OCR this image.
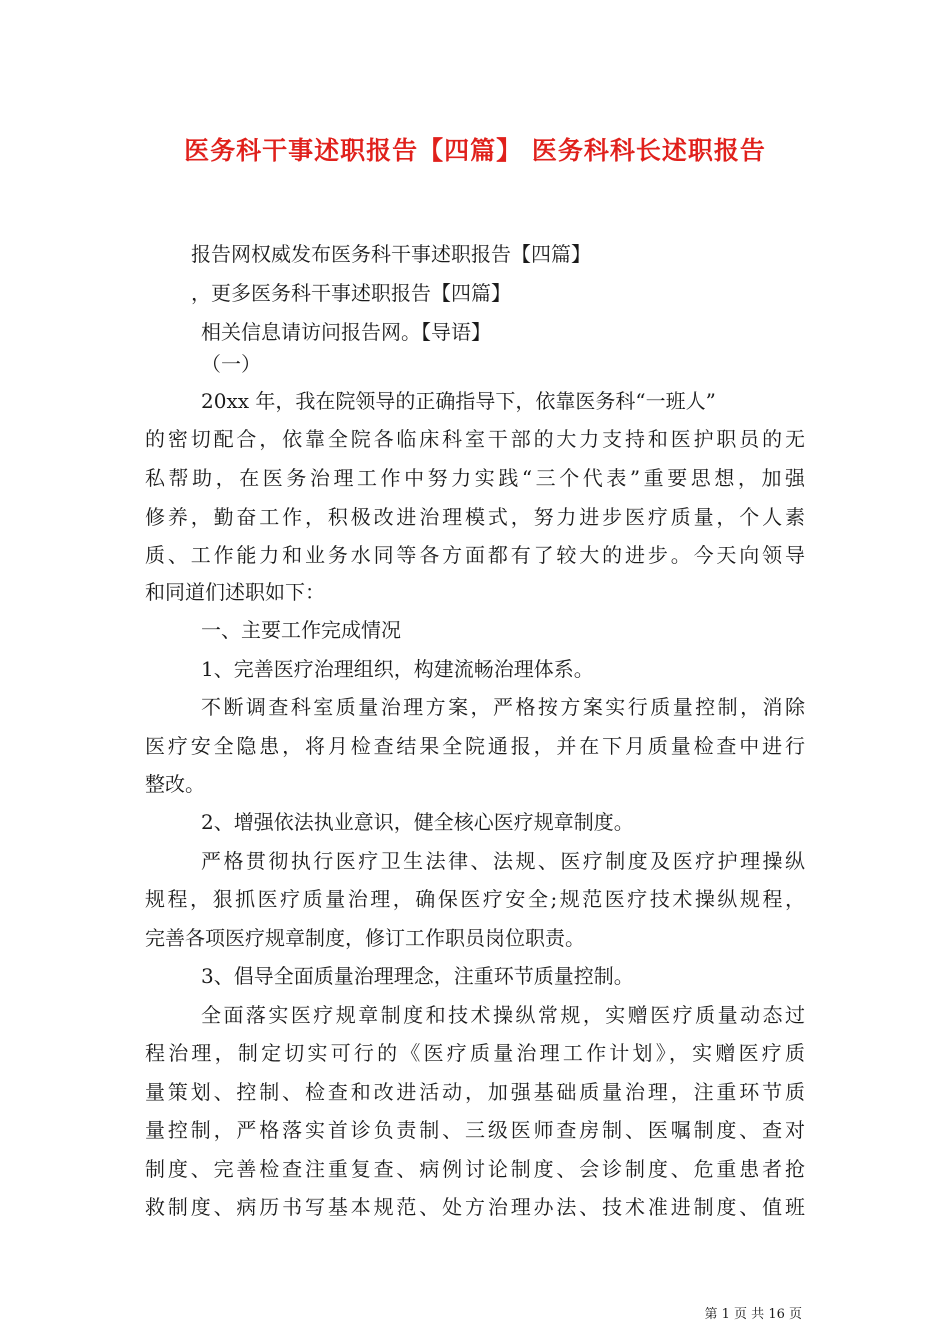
医务科干事述职报告【四篇】 医务科科长述职报告
报告网权威发布医务科干事述职报告【四篇】
，更多医务科干事述职报告【四篇】
相关信息请访问报告网。【导语】
（一）
20xx 年，我在院领导的正确指导下，依靠医务科“一班人”
的密切配合，依靠全院各临床科室干部的大力支持和医护职员的无
私帮助，在医务治理工作中努力实践“三个代表”重要思想，加强
修养，勤奋工作，积极改进治理模式，努力进步医疗质量，个人素
质、工作能力和业务水同等各方面都有了较大的进步。今天向领导
和同道们述职如下：
一、主要工作完成情况
1、完善医疗治理组织，构建流畅治理体系。
不断调查科室质量治理方案，严格按方案实行质量控制，消除
医疗安全隐患，将月检查结果全院通报，并在下月质量检查中进行
整改。
2、增强依法执业意识，健全核心医疗规章制度。
严格贯彻执行医疗卫生法律、法规、医疗制度及医疗护理操纵
规程，狠抓医疗质量治理，确保医疗安全;规范医疗技术操纵规程，
完善各项医疗规章制度，修订工作职员岗位职责。
3、倡导全面质量治理理念，注重环节质量控制。
全面落实医疗规章制度和技术操纵常规，实赠医疗质量动态过
程治理，制定切实可行的《医疗质量治理工作计划》，实赠医疗质
量策划、控制、检查和改进活动，加强基础质量治理，注重环节质
量控制，严格落实首诊负责制、三级医师查房制、医嘱制度、查对
制度、完善检查注重复查、病例讨论制度、会诊制度、危重患者抢
救制度、病历书写基本规范、处方治理办法、技术准进制度、值班
第 1 页 共 16 页
